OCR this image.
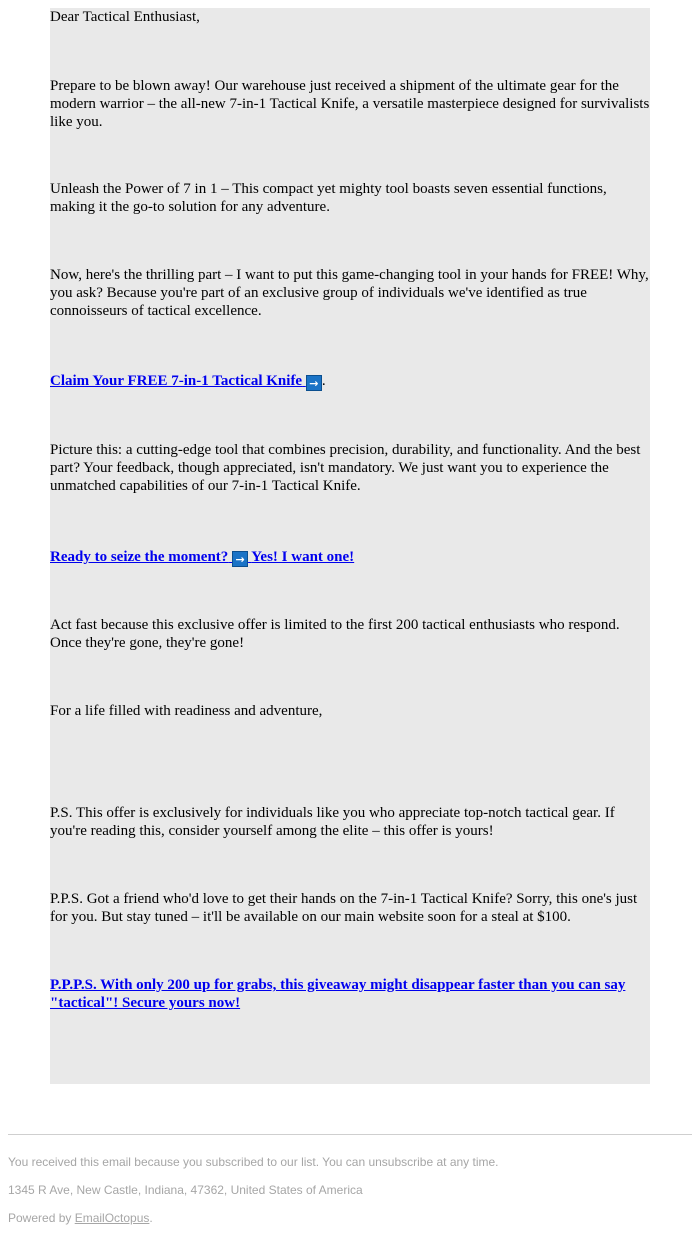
Dear Tactical Enthusiast,

Prepare to be blown away! Our warehouse just received a shipment of the ultimate gear for the modern warrior – the all-new 7-in-1 Tactical Knife, a versatile masterpiece designed for survivalists like you.

Unleash the Power of 7 in 1 – This compact yet mighty tool boasts seven essential functions, making it the go-to solution for any adventure.

Now, here's the thrilling part – I want to put this game-changing tool in your hands for FREE! Why, you ask? Because you're part of an exclusive group of individuals we've identified as true connoisseurs of tactical excellence.

Claim Your FREE 7-in-1 Tactical Knife → .

Picture this: a cutting-edge tool that combines precision, durability, and functionality. And the best part? Your feedback, though appreciated, isn't mandatory. We just want you to experience the unmatched capabilities of our 7-in-1 Tactical Knife.

Ready to seize the moment? → Yes! I want one!

Act fast because this exclusive offer is limited to the first 200 tactical enthusiasts who respond. Once they're gone, they're gone!

For a life filled with readiness and adventure,

P.S. This offer is exclusively for individuals like you who appreciate top-notch tactical gear. If you're reading this, consider yourself among the elite – this offer is yours!

P.P.S. Got a friend who'd love to get their hands on the 7-in-1 Tactical Knife? Sorry, this one's just for you. But stay tuned – it'll be available on our main website soon for a steal at $100.

P.P.P.S. With only 200 up for grabs, this giveaway might disappear faster than you can say "tactical"! Secure yours now!

You received this email because you subscribed to our list. You can unsubscribe at any time.
1345 R Ave, New Castle, Indiana, 47362, United States of America
Powered by EmailOctopus.
